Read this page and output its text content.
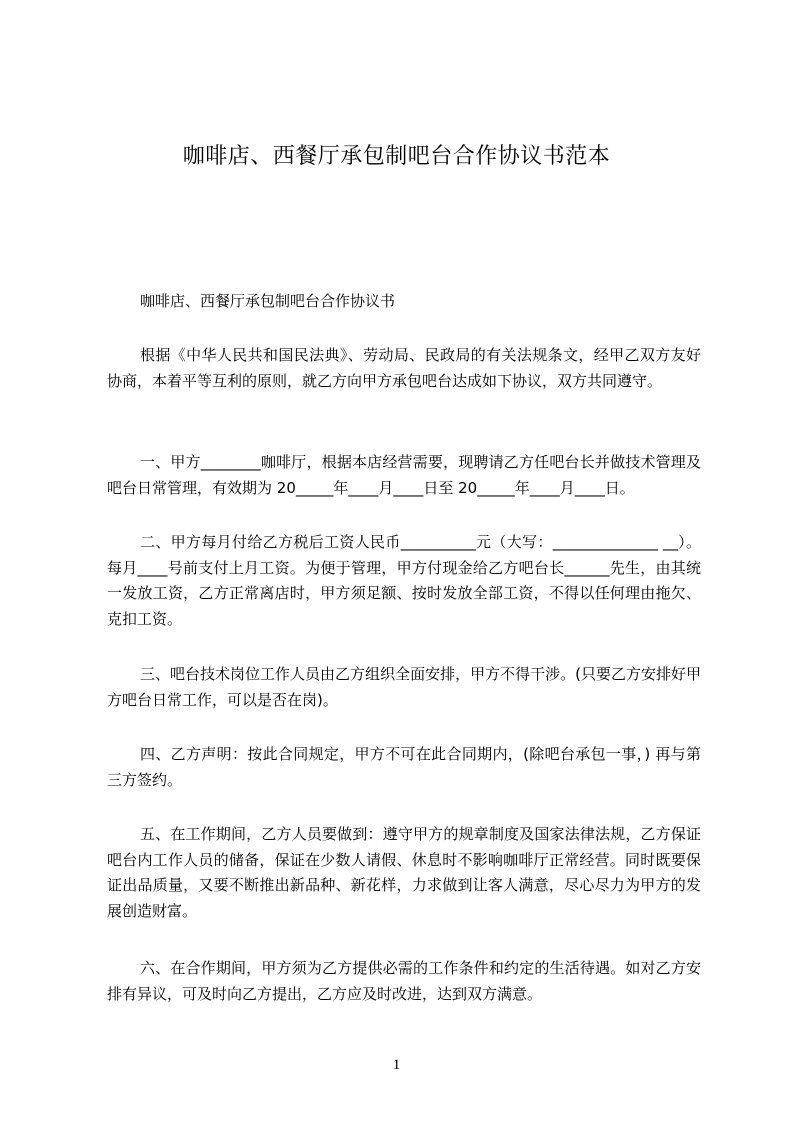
咖啡店、西餐厅承包制吧台合作协议书范本
咖啡店、西餐厅承包制吧台合作协议书
根据《中华人民共和国民法典》、劳动局、民政局的有关法规条文，经甲乙双方友好协商，本着平等互利的原则，就乙方向甲方承包吧台达成如下协议，双方共同遵守。
一、甲方________咖啡厅，根据本店经营需要，现聘请乙方任吧台长并做技术管理及吧台日常管理，有效期为 20_____年____月____日至 20_____年____月____日。
二、甲方每月付给乙方税后工资人民币__________元（大写：______________ __）。每月____号前支付上月工资。为便于管理，甲方付现金给乙方吧台长______先生，由其统一发放工资，乙方正常离店时，甲方须足额、按时发放全部工资，不得以任何理由拖欠、克扣工资。
三、吧台技术岗位工作人员由乙方组织全面安排，甲方不得干涉。(只要乙方安排好甲方吧台日常工作，可以是否在岗)。
四、乙方声明：按此合同规定，甲方不可在此合同期内，(除吧台承包一事，) 再与第三方签约。
五、在工作期间，乙方人员要做到：遵守甲方的规章制度及国家法律法规，乙方保证吧台内工作人员的储备，保证在少数人请假、休息时不影响咖啡厅正常经营。同时既要保证出品质量，又要不断推出新品种、新花样，力求做到让客人满意，尽心尽力为甲方的发展创造财富。
六、在合作期间，甲方须为乙方提供必需的工作条件和约定的生活待遇。如对乙方安排有异议，可及时向乙方提出，乙方应及时改进，达到双方满意。
1
